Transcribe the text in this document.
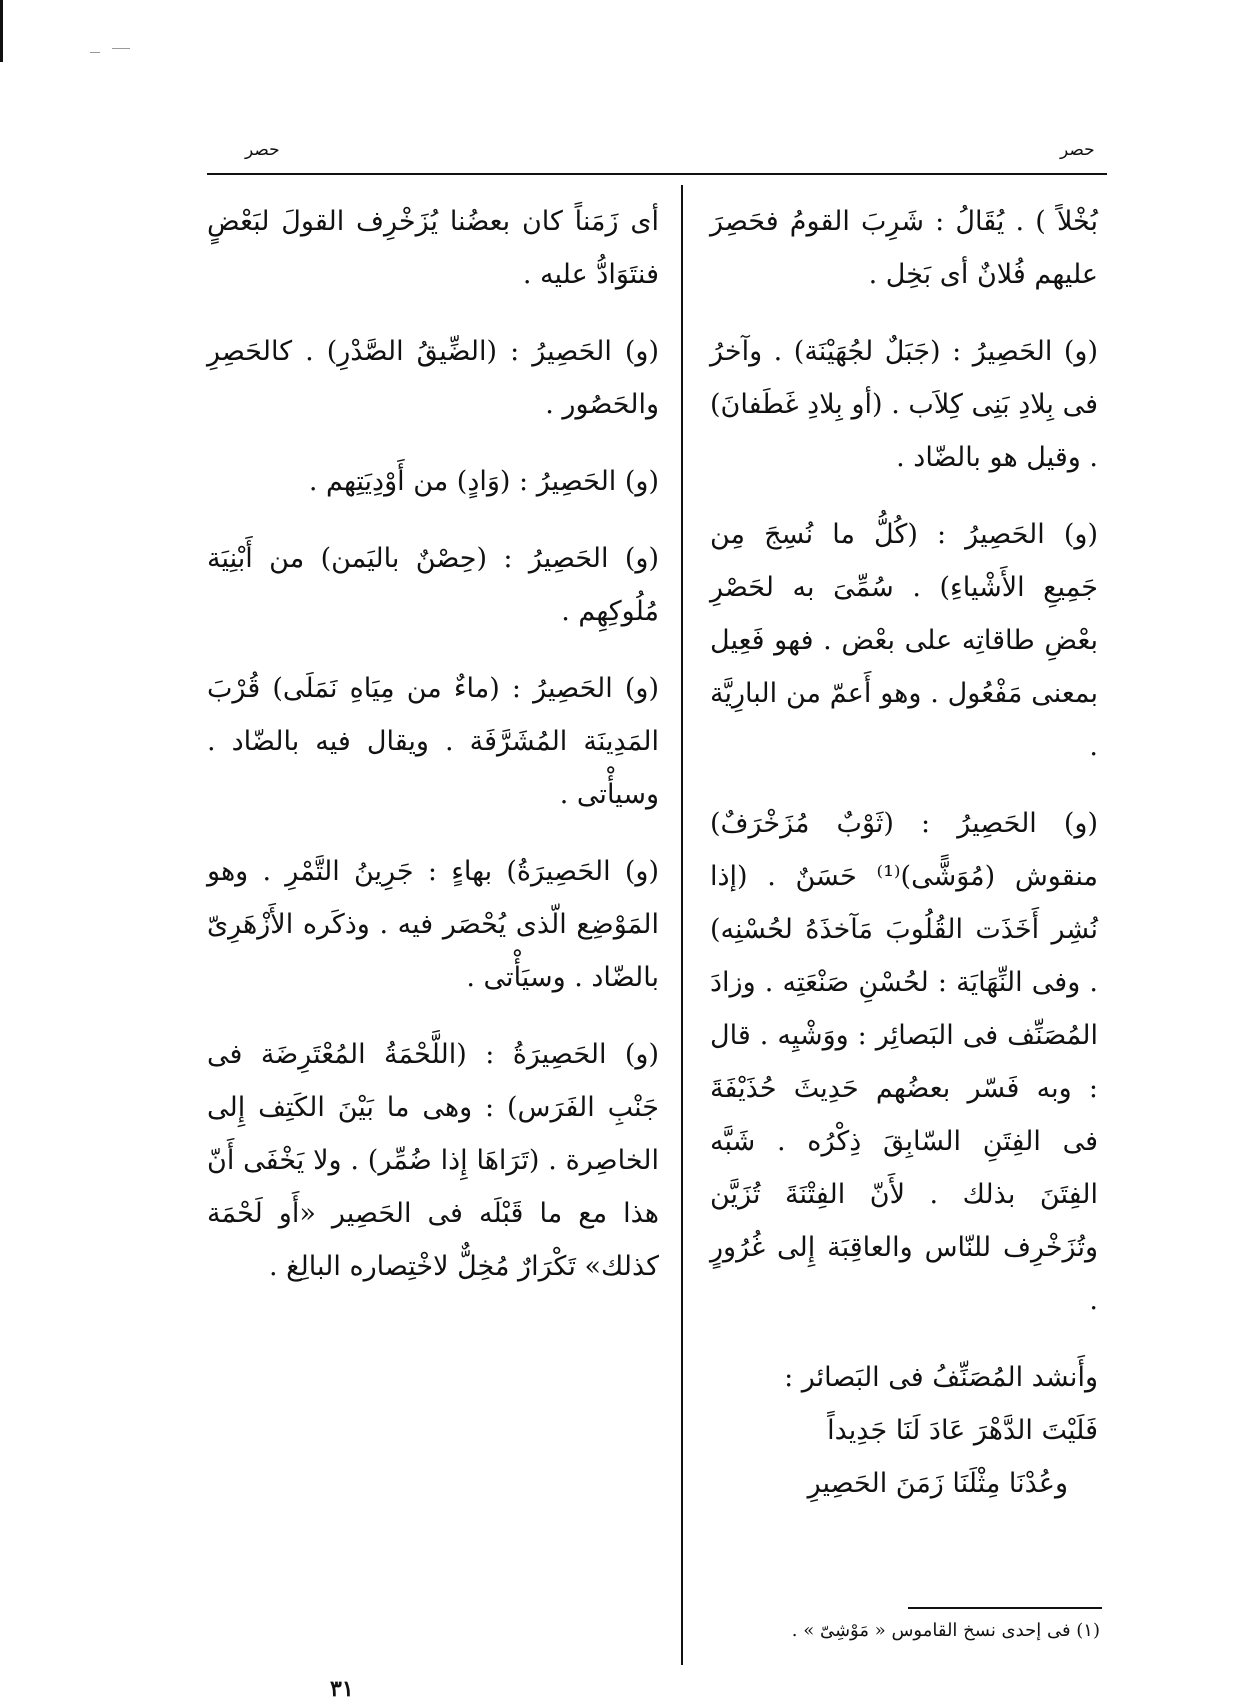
حصر
حصر

بُخْلاً ) . يُقَالُ : شَرِبَ القومُ فحَصِرَ عليهم فُلانٌ أى بَخِل .

(و) الحَصِيرُ : (جَبَلٌ لجُهَيْنَة) . وآخرُ فى بِلادِ بَنِى كِلاَب . (أو بِلادِ غَطَفانَ) . وقيل هو بالضّاد .

(و) الحَصِيرُ : (كُلُّ ما نُسِجَ مِن جَمِيعِ الأَشْياءِ) . سُمِّىَ به لحَصْرِ بعْضِ طاقاتِه على بعْض . فهو فَعِيل بمعنى مَفْعُول . وهو أَعمّ من البارِيَّة .

(و) الحَصِيرُ : (ثَوْبٌ مُزَخْرَفٌ) منقوش (مُوَشًّى)⁽¹⁾ حَسَنٌ . (إذا نُشِر أَخَذَت القُلُوبَ مَآخذَهُ لحُسْنِه) . وفى النِّهَايَة : لحُسْنِ صَنْعَتِه . وزادَ المُصَنِّف فى البَصائِر : ووَشْيِه . قال : وبه فَسّر بعضُهم حَدِيثَ حُذَيْفَةَ فى الفِتَنِ السّابِقَ ذِكْرُه . شَبَّه الفِتَنَ بذلك . لأَنّ الفِتْنَةَ تُزَيَّن وتُزَخْرِف للنّاس والعاقِبَة إِلى غُرُورٍ .

وأَنشد المُصَنِّفُ فى البَصائر :

فَلَيْتَ الدَّهْرَ عَادَ لَنَا جَدِيداً

وعُدْنَا مِثْلَنَا زَمَنَ الحَصِيرِ

أى زَمَناً كان بعضُنا يُزَخْرِف القولَ لبَعْضٍ فنتَوَادُّ عليه .

(و) الحَصِيرُ : (الضِّيقُ الصَّدْرِ) . كالحَصِرِ والحَصُور .

(و) الحَصِيرُ : (وَادٍ) من أَوْدِيَتِهم .

(و) الحَصِيرُ : (حِصْنٌ باليَمن) من أَبْنِيَة مُلُوكِهِم .

(و) الحَصِيرُ : (ماءٌ من مِيَاهِ نَمَلَى) قُرْبَ المَدِينَة المُشَرَّفَة . ويقال فيه بالضّاد . وسيأْتى .

(و) الحَصِيرَةُ) بهاءٍ : جَرِينُ التَّمْرِ . وهو المَوْضِع الّذى يُحْصَر فيه . وذكَره الأَزْهَرِىّ بالضّاد . وسيَأْتى .

(و) الحَصِيرَةُ : (اللَّحْمَةُ المُعْتَرِضَة فى جَنْبِ الفَرَس) : وهى ما بَيْنَ الكَتِف إِلى الخاصِرة . (تَرَاهَا إِذا ضُمِّر) . ولا يَخْفَى أَنّ هذا مع ما قَبْلَه فى الحَصِير «أَو لَحْمَة كذلك» تَكْرَارٌ مُخِلٌّ لاخْتِصاره البالِغ .

(١) فى إحدى نسخ القاموس « مَوْشِىّ » .
٣١
